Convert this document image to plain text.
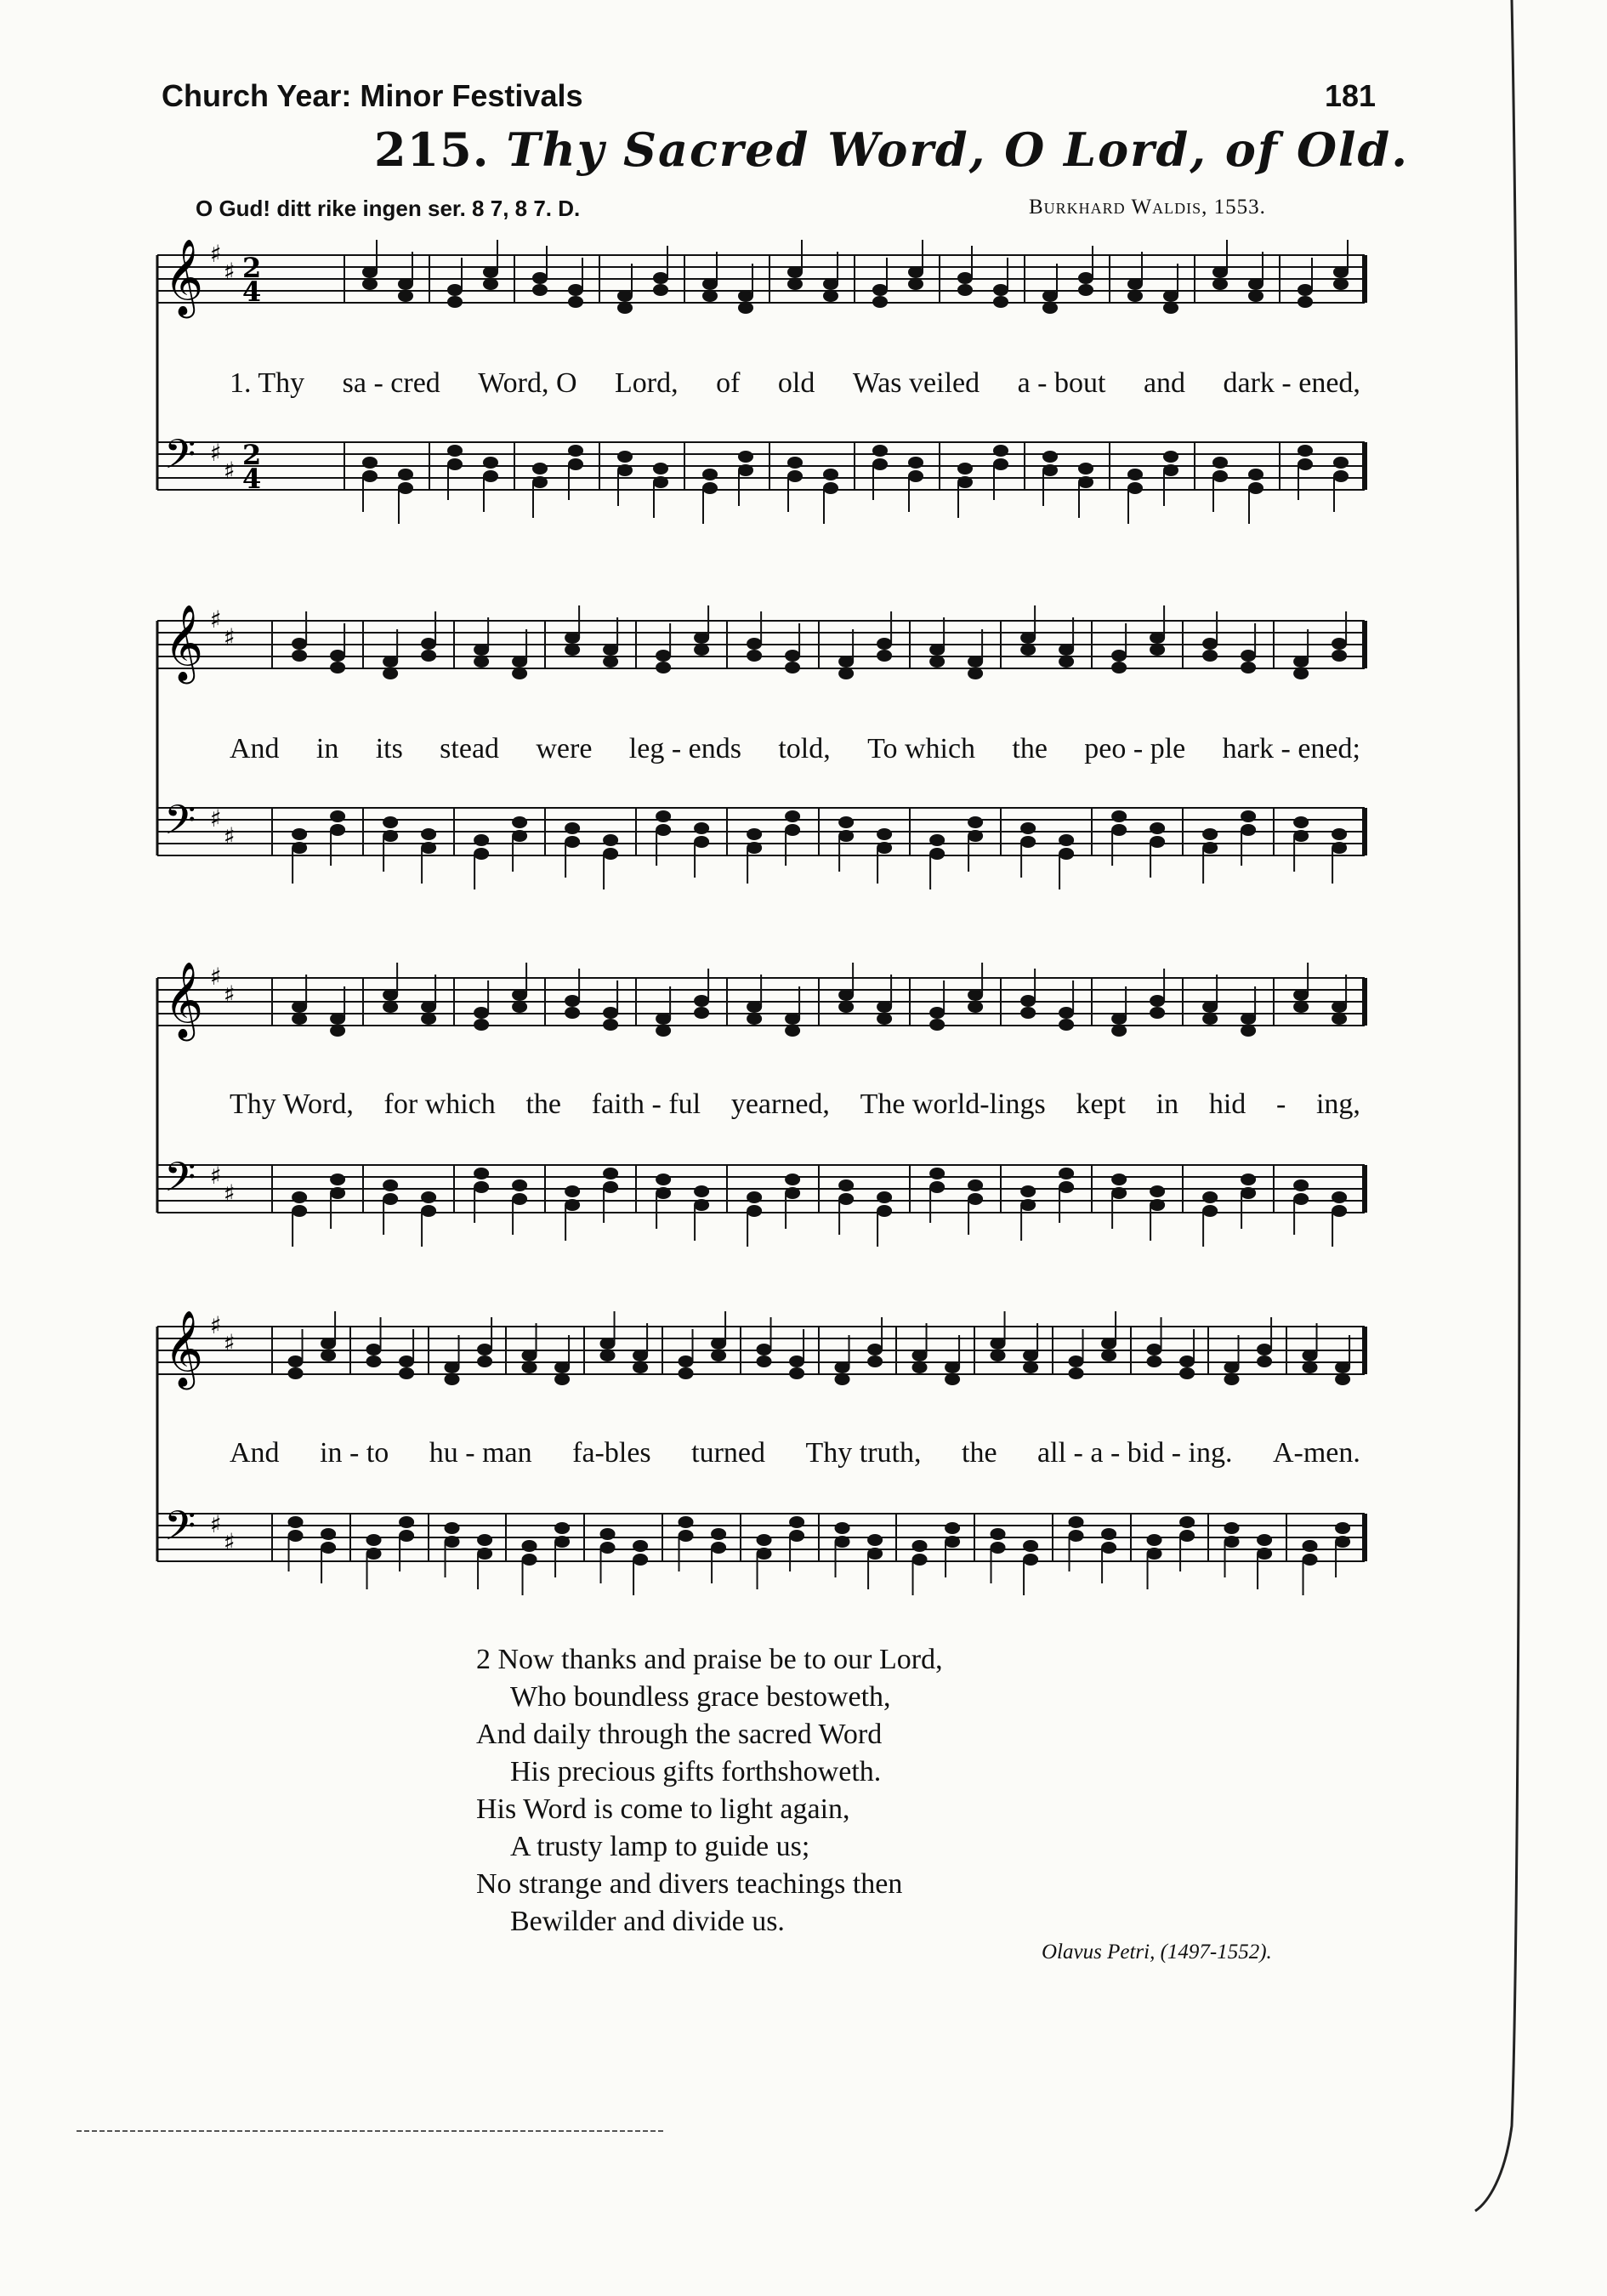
Church Year: Minor Festivals	181
215. Thy Sacred Word, O Lord, of Old.
O Gud! ditt rike ingen ser. 8 7, 8 7. D.	Burkhard Waldis, 1553.
𝄞
𝄢
♯
♯
♯
♯
2
4
2
4
𝄞
𝄢
♯
♯
♯
♯
𝄞
𝄢
♯
♯
♯
♯
𝄞
𝄢
♯
♯
♯
♯
1. Thy sa - cred Word, O Lord, of old Was veiled a - bout and dark - ened,
And in its stead were leg - ends told, To which the peo - ple hark - ened;
Thy Word, for which the faith - ful yearned, The world-lings kept in hid - ing,
And in - to hu - man fa-bles turned Thy truth, the all - a - bid - ing. A-men.
2 Now thanks and praise be to our Lord,
Who boundless grace bestoweth,
And daily through the sacred Word
His precious gifts forthshoweth.
His Word is come to light again,
A trusty lamp to guide us;
No strange and divers teachings then
Bewilder and divide us.
Olavus Petri, (1497-1552).
